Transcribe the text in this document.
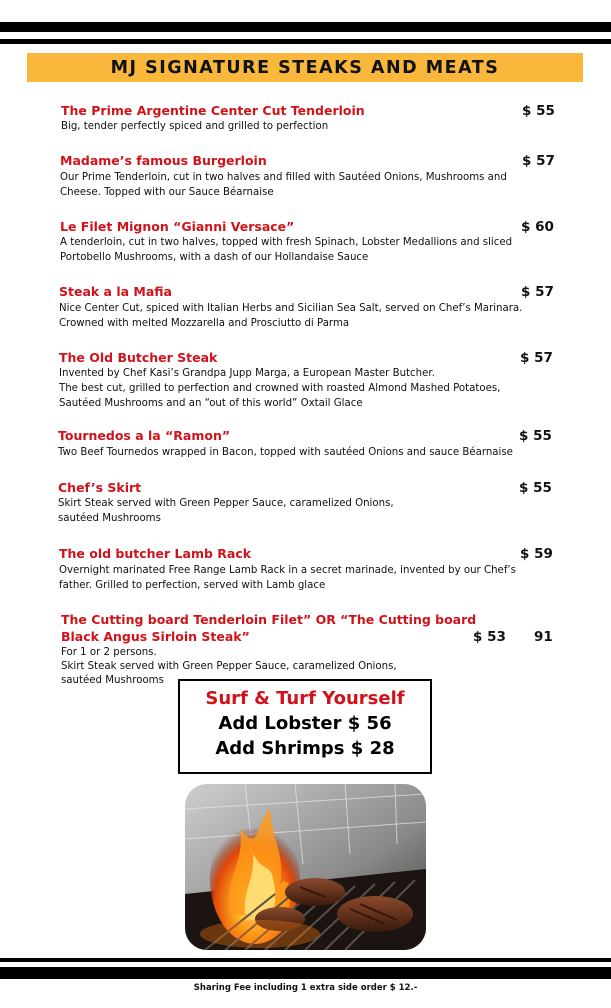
MJ SIGNATURE STEAKS AND MEATS
The Prime Argentine Center Cut Tenderloin	$ 55
Big, tender perfectly spiced and grilled to perfection
Madame’s famous Burgerloin	$ 57
Our Prime Tenderloin, cut in two halves and filled with Sautéed Onions, Mushrooms and
Cheese. Topped with our Sauce Béarnaise
Le Filet Mignon “Gianni Versace”	$ 60
A tenderloin, cut in two halves, topped with fresh Spinach, Lobster Medallions and sliced
Portobello Mushrooms, with a dash of our Hollandaise Sauce
Steak a la Mafia	$ 57
Nice Center Cut, spiced with Italian Herbs and Sicilian Sea Salt, served on Chef’s Marinara.
Crowned with melted Mozzarella and Prosciutto di Parma
The Old Butcher Steak	$ 57
Invented by Chef Kasi’s Grandpa Jupp Marga, a European Master Butcher.
The best cut, grilled to perfection and crowned with roasted Almond Mashed Potatoes,
Sautéed Mushrooms and an “out of this world” Oxtail Glace
Tournedos a la “Ramon”	$ 55
Two Beef Tournedos wrapped in Bacon, topped with sautéed Onions and sauce Béarnaise
Chef’s Skirt	$ 55
Skirt Steak served with Green Pepper Sauce, caramelized Onions,
sautéed Mushrooms
The old butcher Lamb Rack	$ 59
Overnight marinated Free Range Lamb Rack in a secret marinade, invented by our Chef’s
father. Grilled to perfection, served with Lamb glace
The Cutting board Tenderloin Filet” OR “The Cutting board
Black Angus Sirloin Steak”	$ 53 91
For 1 or 2 persons.
Skirt Steak served with Green Pepper Sauce, caramelized Onions,
sautéed Mushrooms
Surf & Turf Yourself
Add Lobster $ 56
Add Shrimps $ 28
Sharing Fee including 1 extra side order $ 12.-
